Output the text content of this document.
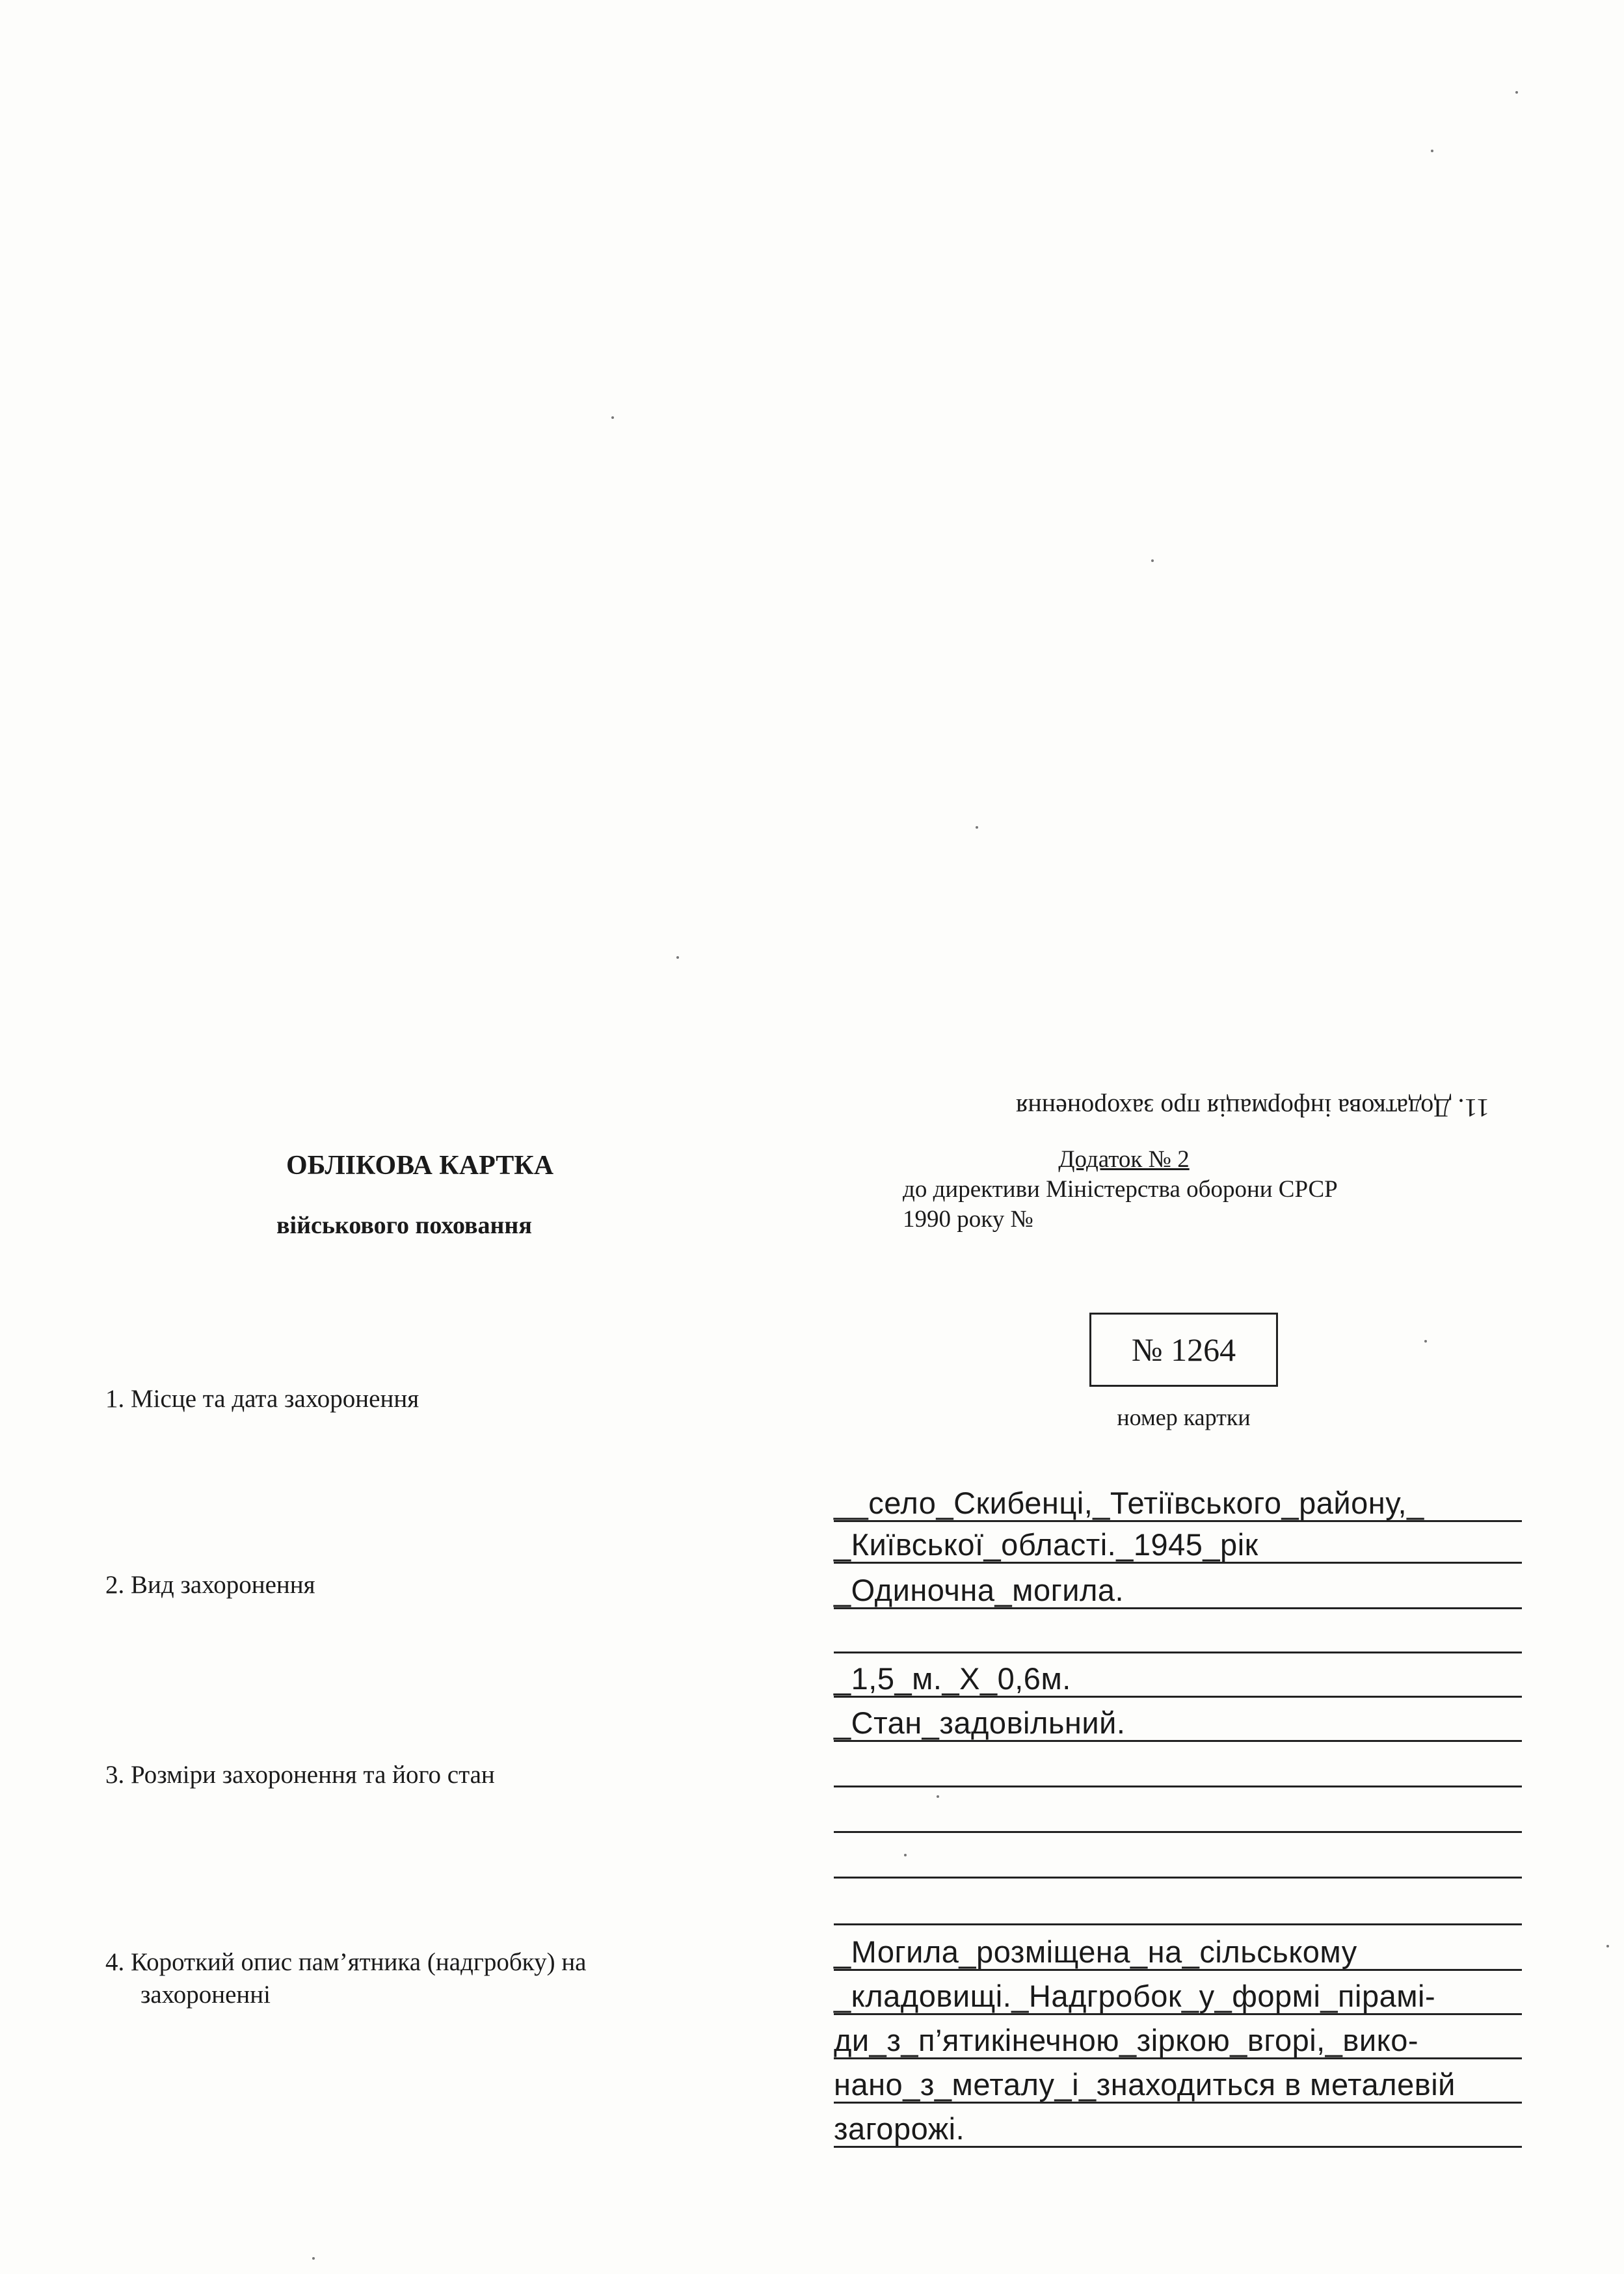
11. Додаткова інформація про захоронення
ОБЛІКОВА КАРТКА
військового поховання
Додаток № 2
до директиви Міністерства оборони СРСР
1990 року №
№ 1264
номер картки
1. Місце та дата захоронення
2. Вид захоронення
3. Розміри захоронення та його стан
4. Короткий опис пам’ятника (надгробку) на
захороненні
__село_Скибенці,_Тетіївського_району,_
_Київської_області._1945_рік
_Одиночна_могила.
_1,5_м._Х_0,6м.
_Стан_задовільний.
_Могила_розміщена_на_сільському
_кладовищі._Надгробок_у_формі_пірамі-
ди_з_п’ятикінечною_зіркою_вгорі,_вико-
нано_з_металу_і_знаходиться в металевій
загорожі.
